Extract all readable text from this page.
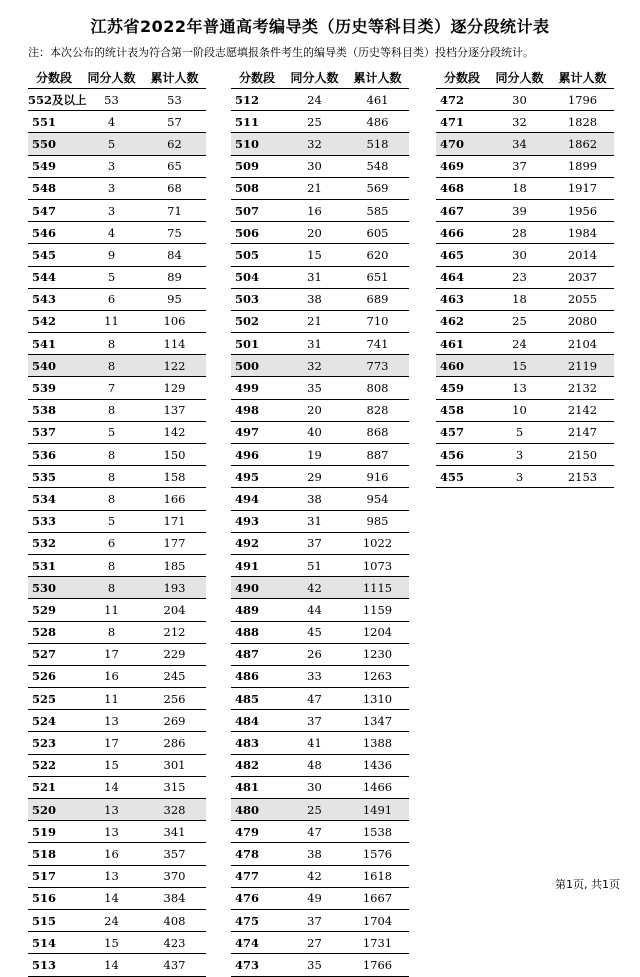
江苏省2022年普通高考编导类（历史等科目类）逐分段统计表
注：本次公布的统计表为符合第一阶段志愿填报条件考生的编导类（历史等科目类）投档分逐分段统计。
分数段	同分人数	累计人数
552及以上	53	53
551	4	57
550	5	62
549	3	65
548	3	68
547	3	71
546	4	75
545	9	84
544	5	89
543	6	95
542	11	106
541	8	114
540	8	122
539	7	129
538	8	137
537	5	142
536	8	150
535	8	158
534	8	166
533	5	171
532	6	177
531	8	185
530	8	193
529	11	204
528	8	212
527	17	229
526	16	245
525	11	256
524	13	269
523	17	286
522	15	301
521	14	315
520	13	328
519	13	341
518	16	357
517	13	370
516	14	384
515	24	408
514	15	423
513	14	437
分数段	同分人数	累计人数
512	24	461
511	25	486
510	32	518
509	30	548
508	21	569
507	16	585
506	20	605
505	15	620
504	31	651
503	38	689
502	21	710
501	31	741
500	32	773
499	35	808
498	20	828
497	40	868
496	19	887
495	29	916
494	38	954
493	31	985
492	37	1022
491	51	1073
490	42	1115
489	44	1159
488	45	1204
487	26	1230
486	33	1263
485	47	1310
484	37	1347
483	41	1388
482	48	1436
481	30	1466
480	25	1491
479	47	1538
478	38	1576
477	42	1618
476	49	1667
475	37	1704
474	27	1731
473	35	1766
分数段	同分人数	累计人数
472	30	1796
471	32	1828
470	34	1862
469	37	1899
468	18	1917
467	39	1956
466	28	1984
465	30	2014
464	23	2037
463	18	2055
462	25	2080
461	24	2104
460	15	2119
459	13	2132
458	10	2142
457	5	2147
456	3	2150
455	3	2153
第1页, 共1页
